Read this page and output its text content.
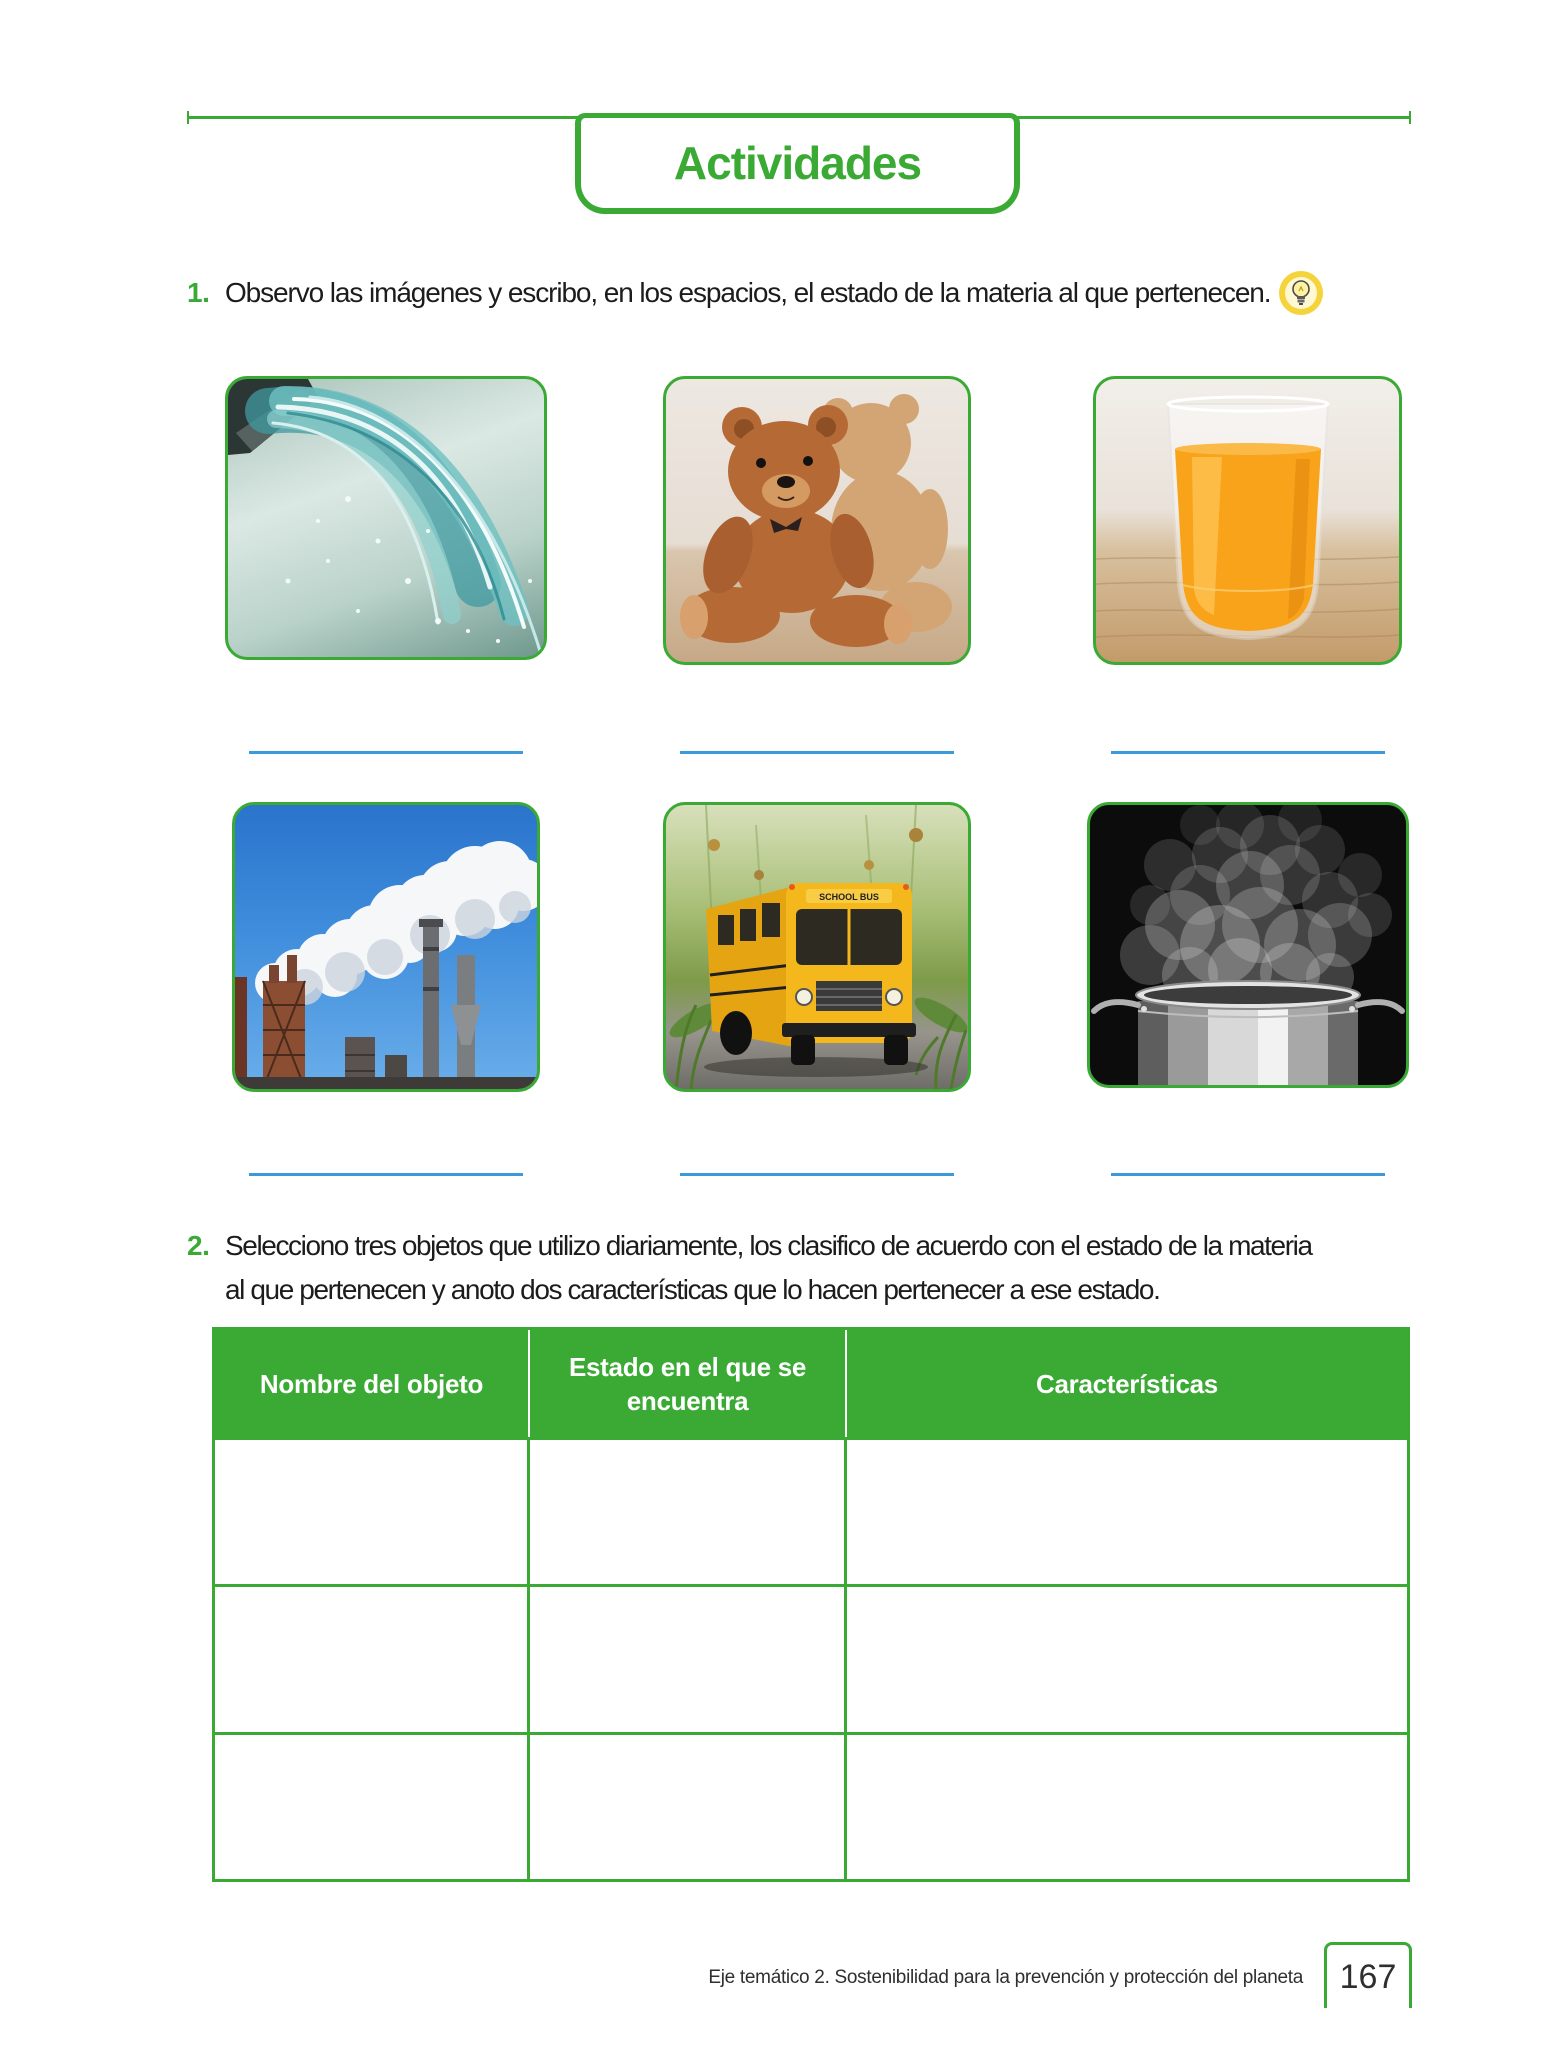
Actividades
1. Observo las imágenes y escribo, en los espacios, el estado de la materia al que pertenecen.
SCHOOL BUS
2. Selecciono tres objetos que utilizo diariamente, los clasifico de acuerdo con el estado de la materia
al que pertenecen y anoto dos características que lo hacen pertenecer a ese estado.
Nombre del objeto
Estado en el que se encuentra
Características
Eje temático 2. Sostenibilidad para la prevención y protección del planeta 167
